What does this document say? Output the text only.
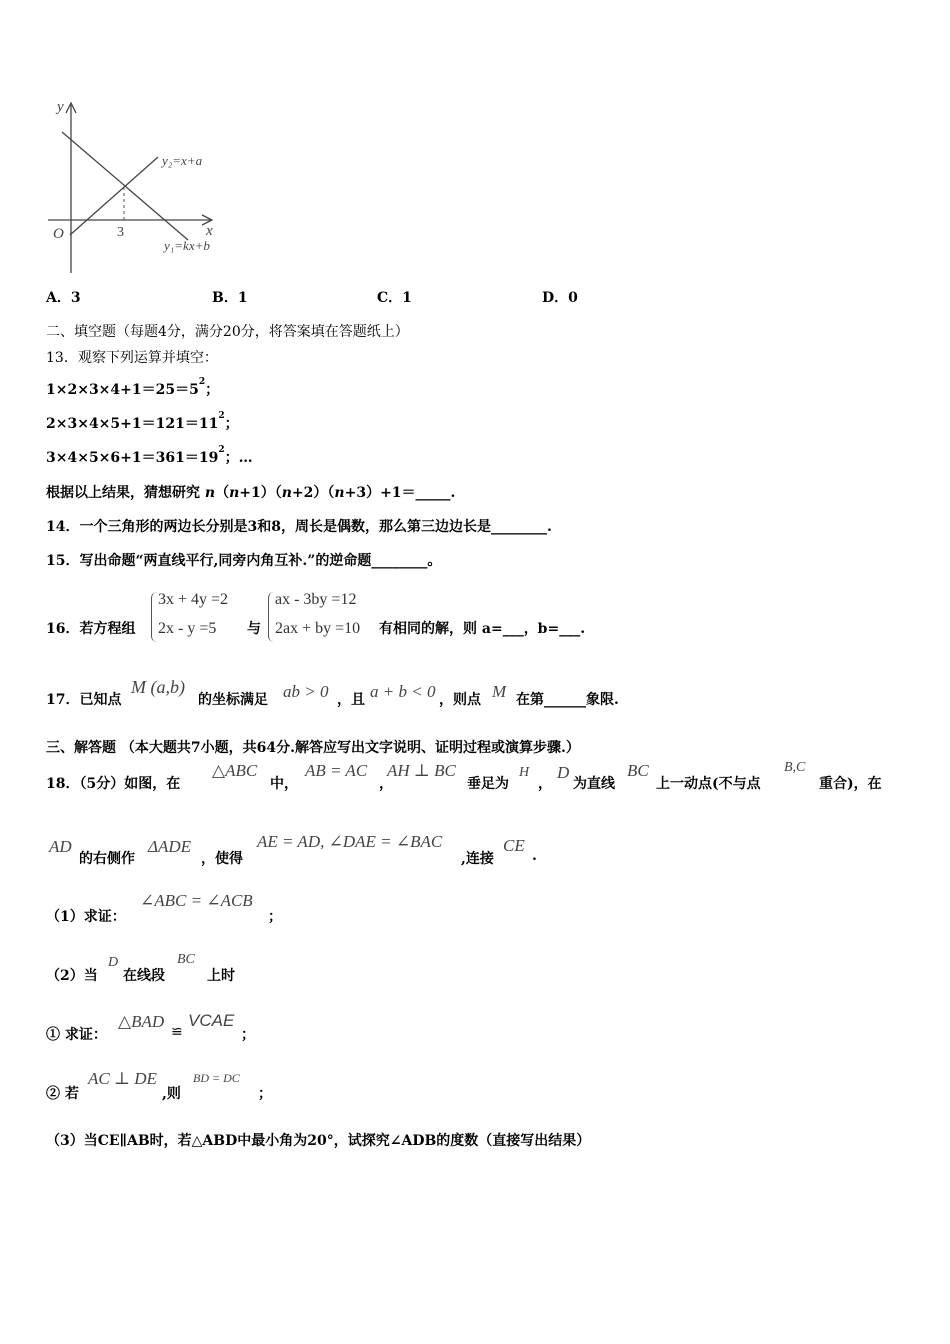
y
x
O	3
y₂=x+a
y₁=kx+b
A．3	B．1	C．1	D．0
二、填空题（每题4分，满分20分，将答案填在答题纸上）
13．观察下列运算并填空：
$1\times 2\times 3\times 4+1=25=5^2$；
$2\times 3\times 4\times 5+1=121=11^2$；
$3\times 4\times 5\times 6+1=361=19^2$；…
根据以上结果，猜想研究 n（n+1）（n+2）（n+3）+1＝_____.
14．一个三角形的两边长分别是3和8，周长是偶数，那么第三边边长是________.
15．写出命题“两直线平行,同旁内角互补.”的逆命题________。
16．若方程组
3x + 4y =2
2x - y =5 与
ax - 3by =12
2ax + by =10 有相同的解，则 a=___，b=___.
17．已知点
M (a,b)
的坐标满足 ab > 0 ，且 a + b < 0 ，则点 M 在第______象限.
三、解答题 （本大题共7小题，共64分.解答应写出文字说明、证明过程或演算步骤.）
18．（5分）如图，在
△ABC
中，
AB = AC
，
AH ⊥ BC
垂足为
H
，
D
为直线
BC
上一动点(不与点
B,C
重合)，在
AD
的右侧作
ΔADE
，使得
AE = AD, ∠DAE = ∠BAC
,连接
CE
.
（1）求证：
∠ABC = ∠ACB
；
（2）当
D
在线段
BC
上时
① 求证：
△BAD
≌
VCAE
；
② 若
AC ⊥ DE
,则
BD = DC
；
（3）当CE∥AB时，若△ABD中最小角为20°，试探究∠ADB的度数（直接写出结果）
